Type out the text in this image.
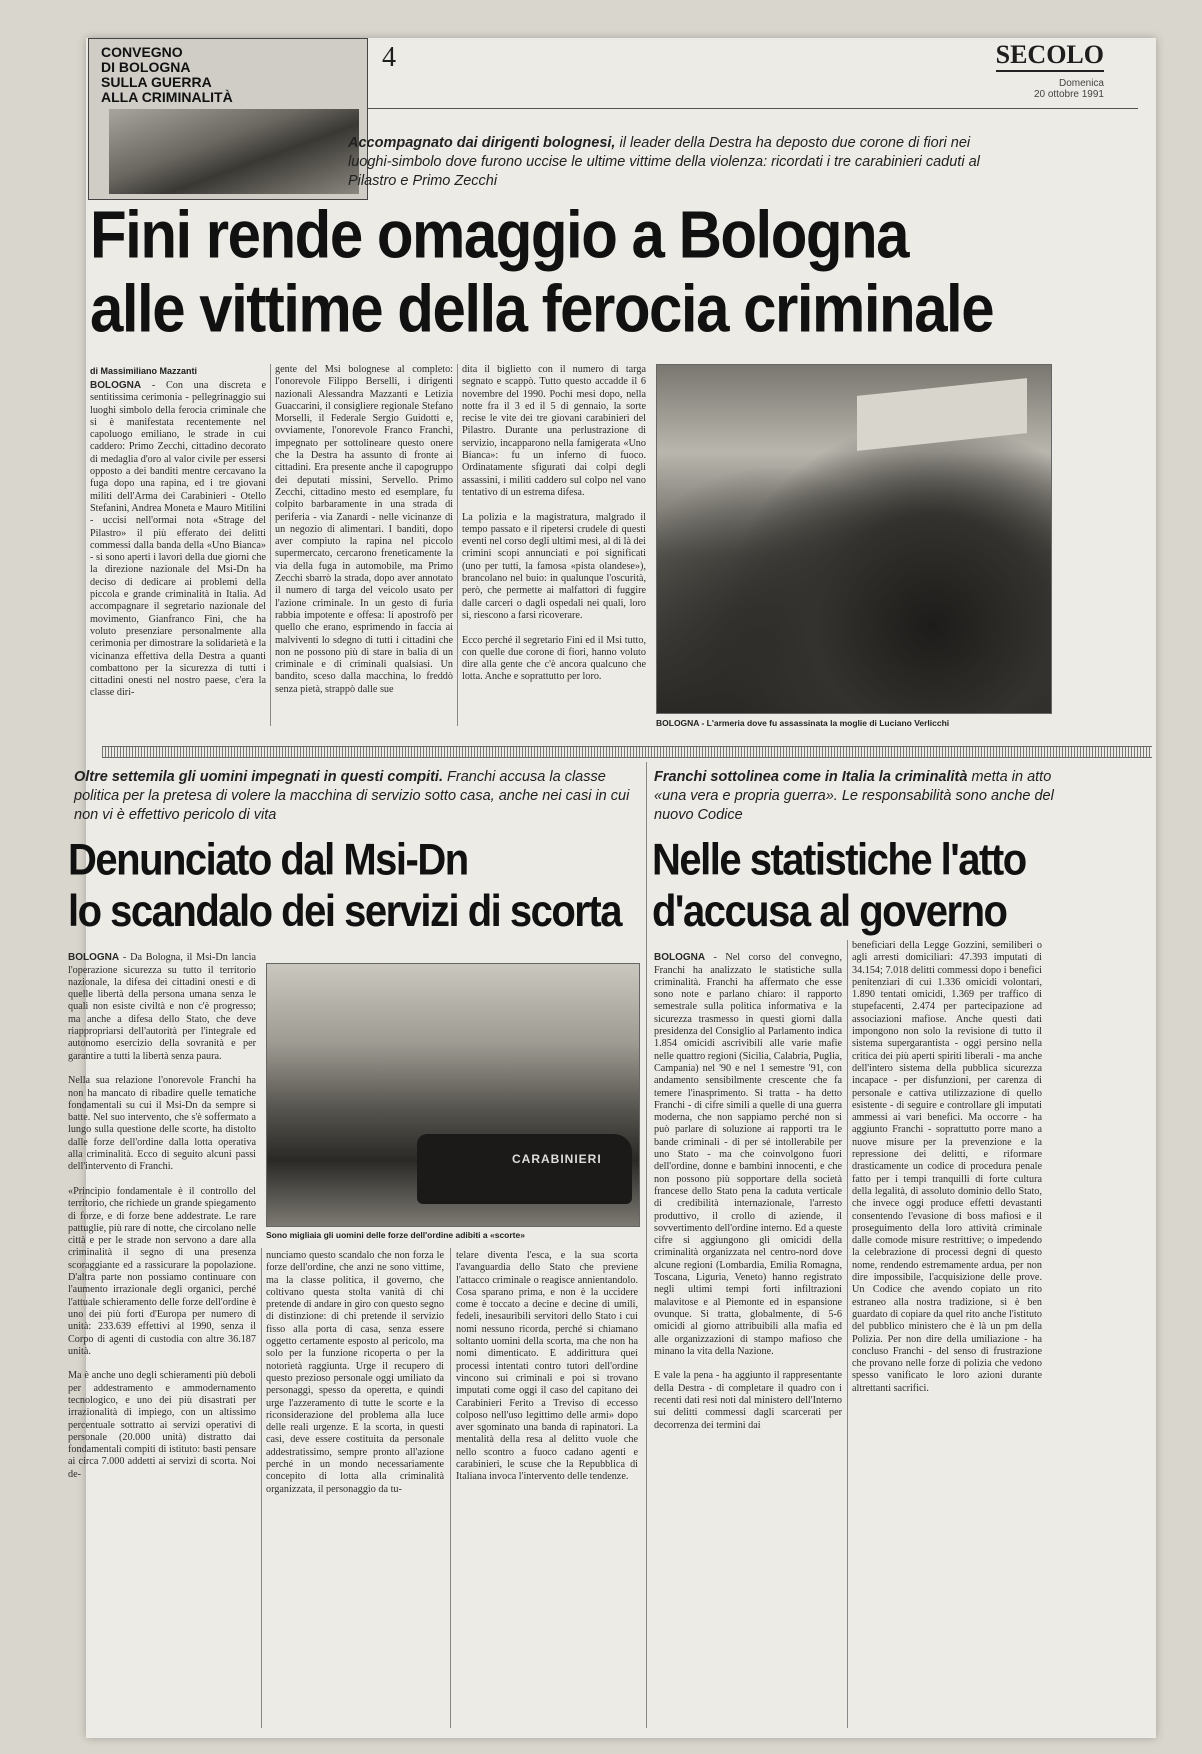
CONVEGNO
DI BOLOGNA
SULLA GUERRA
ALLA CRIMINALITÀ
4	SECOLO
Domenica
20 ottobre 1991
Accompagnato dai dirigenti bolognesi, il leader della Destra ha deposto due corone di fiori nei luoghi-simbolo dove furono uccise le ultime vittime della violenza: ricordati i tre carabinieri caduti al Pilastro e Primo Zecchi
Fini rende omaggio a Bologna
alle vittime della ferocia criminale
di Massimiliano Mazzanti
BOLOGNA - Con una discreta e sentitissima cerimonia - pellegrinaggio sui luoghi simbolo della ferocia criminale che si è manifestata recentemente nel capoluogo emiliano, le strade in cui caddero: Primo Zecchi, cittadino decorato di medaglia d'oro al valor civile per essersi opposto a dei banditi mentre cercavano la fuga dopo una rapina, ed i tre giovani militi dell'Arma dei Carabinieri - Otello Stefanini, Andrea Moneta e Mauro Mitilini - uccisi nell'ormai nota «Strage del Pilastro» il più efferato dei delitti commessi dalla banda della «Uno Bianca» - si sono aperti i lavori della due giorni che la direzione nazionale del Msi-Dn ha deciso di dedicare ai problemi della piccola e grande criminalità in Italia. Ad accompagnare il segretario nazionale del movimento, Gianfranco Fini, che ha voluto presenziare personalmente alla cerimonia per dimostrare la solidarietà e la vicinanza effettiva della Destra a quanti combattono per la sicurezza di tutti i cittadini onesti nel nostro paese, c'era la classe diri-
gente del Msi bolognese al completo: l'onorevole Filippo Berselli, i dirigenti nazionali Alessandra Mazzanti e Letizia Guaccarini, il consigliere regionale Stefano Morselli, il Federale Sergio Guidotti e, ovviamente, l'onorevole Franco Franchi, impegnato per sottolineare questo onere che la Destra ha assunto di fronte ai cittadini. Era presente anche il capogruppo dei deputati missini, Servello. Primo Zecchi, cittadino mesto ed esemplare, fu colpito barbaramente in una strada di periferia - via Zanardi - nelle vicinanze di un negozio di alimentari. I banditi, dopo aver compiuto la rapina nel piccolo supermercato, cercarono freneticamente la via della fuga in automobile, ma Primo Zecchi sbarrò la strada, dopo aver annotato il numero di targa del veicolo usato per l'azione criminale. In un gesto di furia rabbia impotente e offesa: li apostrofò per quello che erano, esprimendo in faccia ai malviventi lo sdegno di tutti i cittadini che non ne possono più di stare in balia di un criminale e di criminali qualsiasi. Un bandito, sceso dalla macchina, lo freddò senza pietà, strappò dalle sue
dita il biglietto con il numero di targa segnato e scappò. Tutto questo accadde il 6 novembre del 1990. Pochi mesi dopo, nella notte fra il 3 ed il 5 di gennaio, la sorte recise le vite dei tre giovani carabinieri del Pilastro. Durante una perlustrazione di servizio, incapparono nella famigerata «Uno Bianca»: fu un inferno di fuoco. Ordinatamente sfigurati dai colpi degli assassini, i militi caddero sul colpo nel vano tentativo di un estrema difesa.

La polizia e la magistratura, malgrado il tempo passato e il ripetersi crudele di questi eventi nel corso degli ultimi mesi, al di là dei crimini scopi annunciati e poi significati (uno per tutti, la famosa «pista olandese»), brancolano nel buio: in qualunque l'oscurità, però, che permette ai malfattori di fuggire dalle carceri o dagli ospedali nei quali, loro si, riescono a farsi ricoverare.

Ecco perché il segretario Fini ed il Msi tutto, con quelle due corone di fiori, hanno voluto dire alla gente che c'è ancora qualcuno che lotta. Anche e soprattutto per loro.
BOLOGNA - L'armeria dove fu assassinata la moglie di Luciano Verlicchi
Oltre settemila gli uomini impegnati in questi compiti. Franchi accusa la classe politica per la pretesa di volere la macchina di servizio sotto casa, anche nei casi in cui non vi è effettivo pericolo di vita
Denunciato dal Msi-Dn
lo scandalo dei servizi di scorta

BOLOGNA - Da Bologna, il Msi-Dn lancia l'operazione sicurezza su tutto il territorio nazionale, la difesa dei cittadini onesti e di quelle libertà della persona umana senza le quali non esiste civiltà e non c'è progresso; ma anche a difesa dello Stato, che deve riappropriarsi dell'autorità per l'integrale ed autonomo esercizio della sovranità e per garantire a tutti la libertà senza paura.

Nella sua relazione l'onorevole Franchi ha non ha mancato di ribadire quelle tematiche fondamentali su cui il Msi-Dn da sempre si batte. Nel suo intervento, che s'è soffermato a lungo sulla questione delle scorte, ha distolto dalle forze dell'ordine dalla lotta operativa alla criminalità. Ecco di seguito alcuni passi dell'intervento di Franchi.

«Principio fondamentale è il controllo del territorio, che richiede un grande spiegamento di forze, e di forze bene addestrate. Le rare pattuglie, più rare di notte, che circolano nelle città e per le strade non servono a dare alla criminalità il segno di una presenza scoraggiante ed a rassicurare la popolazione. D'altra parte non possiamo continuare con l'aumento irrazionale degli organici, perché l'attuale schieramento delle forze dell'ordine è uno dei più forti d'Europa per numero di unità: 233.639 effettivi al 1990, senza il Corpo di agenti di custodia con altre 36.187 unità.

Ma è anche uno degli schieramenti più deboli per addestramento e ammodernamento tecnologico, e uno dei più disastrati per irrazionalità di impiego, con un altissimo percentuale sottratto ai servizi operativi di personale (20.000 unità) distratto dai fondamentali compiti di istituto: basti pensare ai circa 7.000 addetti ai servizi di scorta. Noi de-

CARABINIERI
Sono migliaia gli uomini delle forze dell'ordine adibiti a «scorte»
nunciamo questo scandalo che non forza le forze dell'ordine, che anzi ne sono vittime, ma la classe politica, il governo, che coltivano questa stolta vanità di chi pretende di andare in giro con questo segno di distinzione: di chi pretende il servizio fisso alla porta di casa, senza essere oggetto certamente esposto al pericolo, ma solo per la funzione ricoperta o per la notorietà raggiunta. Urge il recupero di questo prezioso personale oggi umiliato da personaggi, spesso da operetta, e quindi urge l'azzeramento di tutte le scorte e la riconsiderazione del problema alla luce delle reali urgenze. E la scorta, in questi casi, deve essere costituita da personale addestratissimo, sempre pronto all'azione perché in un mondo necessariamente concepito di lotta alla criminalità organizzata, il personaggio da tu-
telare diventa l'esca, e la sua scorta l'avanguardia dello Stato che previene l'attacco criminale o reagisce annientandolo. Cosa sparano prima, e non è la uccidere come è toccato a decine e decine di umili, fedeli, inesauribili servitori dello Stato i cui nomi nessuno ricorda, perché si chiamano soltanto uomini della scorta, ma che non ha nomi dimenticato. E addirittura quei processi intentati contro tutori dell'ordine vincono sui criminali e poi si trovano imputati come oggi il caso del capitano dei Carabinieri Ferito a Treviso di eccesso colposo nell'uso legittimo delle armi» dopo aver sgominato una banda di rapinatori. La mentalità della resa al delitto vuole che nello scontro a fuoco cadano agenti e carabinieri, le scuse che la Repubblica di Italiana invoca l'intervento delle tendenze.
Franchi sottolinea come in Italia la criminalità metta in atto «una vera e propria guerra». Le responsabilità sono anche del nuovo Codice
Nelle statistiche l'atto
d'accusa al governo

BOLOGNA - Nel corso del convegno, Franchi ha analizzato le statistiche sulla criminalità. Franchi ha affermato che esse sono note e parlano chiaro: il rapporto semestrale sulla politica informativa e la sicurezza trasmesso in questi giorni dalla presidenza del Consiglio al Parlamento indica 1.854 omicidi ascrivibili alle varie mafie nelle quattro regioni (Sicilia, Calabria, Puglia, Campania) nel '90 e nel 1 semestre '91, con andamento sensibilmente crescente che fa temere l'inasprimento. Si tratta - ha detto Franchi - di cifre simili a quelle di una guerra moderna, che non sappiamo perché non si può parlare di soluzione ai rapporti tra le bande criminali - di per sé intollerabile per uno Stato - ma che coinvolgono fuori dell'ordine, donne e bambini innocenti, e che non possono più sopportare della società francese dello Stato pena la caduta verticale di credibilità internazionale, l'arresto produttivo, il crollo di aziende, il sovvertimento dell'ordine interno. Ed a queste cifre si aggiungono gli omicidi della criminalità organizzata nel centro-nord dove alcune regioni (Lombardia, Emilia Romagna, Toscana, Liguria, Veneto) hanno registrato negli ultimi tempi forti infiltrazioni malavitose e al Piemonte ed in espansione ovunque. Si tratta, globalmente, di 5-6 omicidi al giorno attribuibili alla mafia ed alle organizzazioni di stampo mafioso che minano la vita della Nazione.

E vale la pena - ha aggiunto il rappresentante della Destra - di completare il quadro con i recenti dati resi noti dal ministero dell'Interno sui delitti commessi dagli scarcerati per decorrenza dei termini dai

beneficiari della Legge Gozzini, semiliberi o agli arresti domiciliari: 47.393 imputati di 34.154; 7.018 delitti commessi dopo i benefici penitenziari di cui 1.336 omicidi volontari, 1.890 tentati omicidi, 1.369 per traffico di stupefacenti, 2.474 per partecipazione ad associazioni mafiose. Anche questi dati impongono non solo la revisione di tutto il sistema supergarantista - oggi persino nella critica dei più aperti spiriti liberali - ma anche dell'intero sistema della pubblica sicurezza incapace - per disfunzioni, per carenza di personale e cattiva utilizzazione di quello esistente - di seguire e controllare gli imputati ammessi ai vari benefici. Ma occorre - ha aggiunto Franchi - soprattutto porre mano a nuove misure per la prevenzione e la repressione dei delitti, e riformare drasticamente un codice di procedura penale fatto per i tempi tranquilli di forte cultura della legalità, di assoluto dominio dello Stato, che invece oggi produce effetti devastanti consentendo l'evasione di boss mafiosi e il proseguimento della loro attività criminale dalle comode misure restrittive; o impedendo la celebrazione di processi degni di questo nome, rendendo estremamente ardua, per non dire impossibile, l'acquisizione delle prove. Un Codice che avendo copiato un rito estraneo alla nostra tradizione, si è ben guardato di copiare da quel rito anche l'istituto del pubblico ministero che è là un pm della Polizia. Per non dire della umiliazione - ha concluso Franchi - del senso di frustrazione che provano nelle forze di polizia che vedono spesso vanificato le loro azioni durante altrettanti sacrifici.
